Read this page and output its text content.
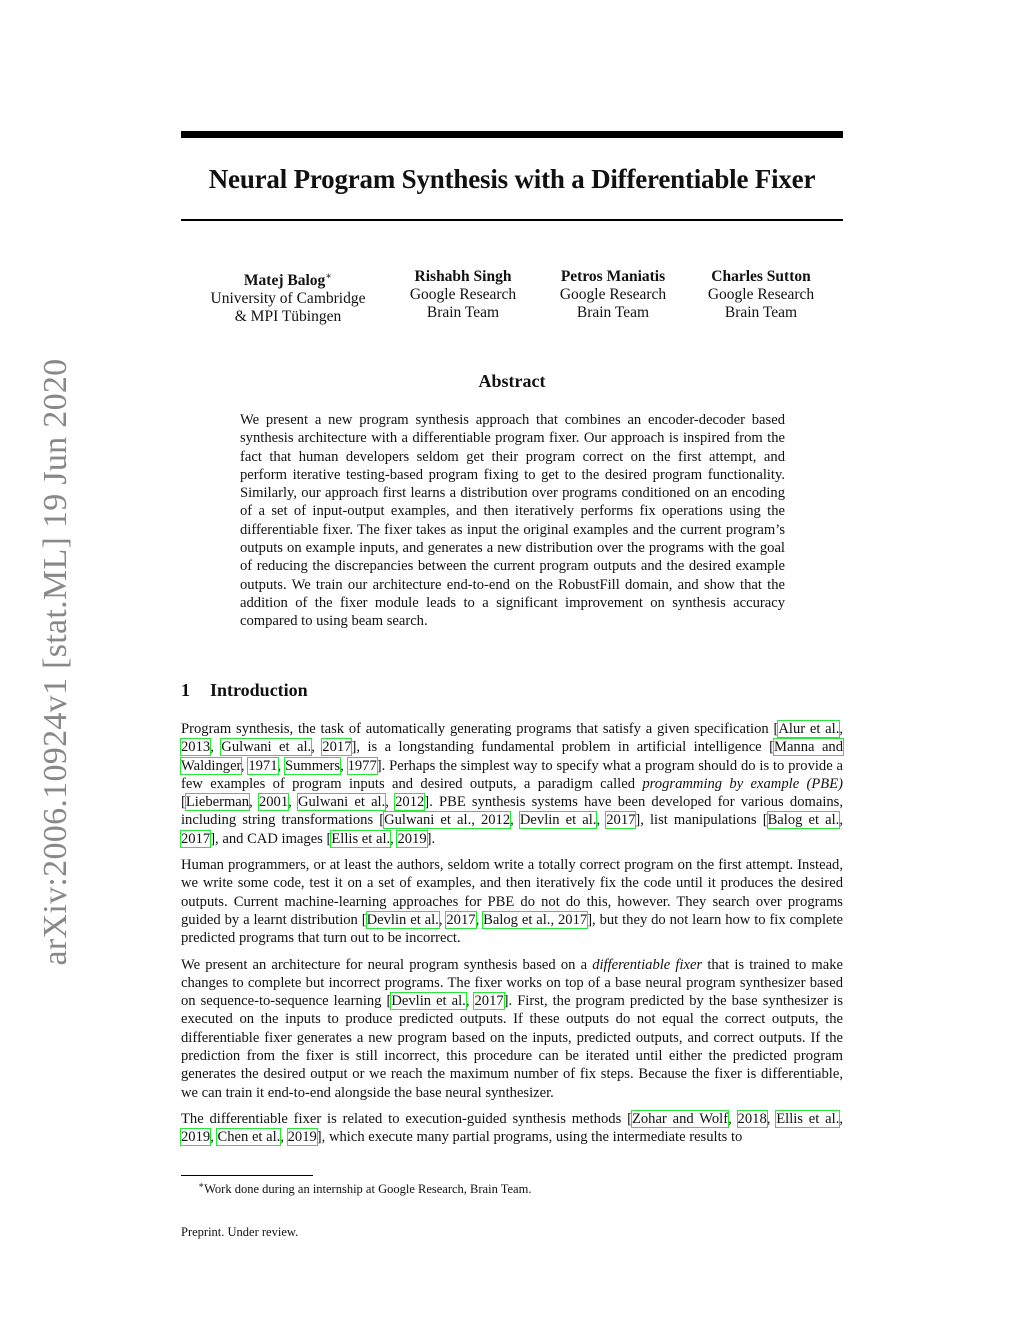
arXiv:2006.10924v1 [stat.ML] 19 Jun 2020
Neural Program Synthesis with a Differentiable Fixer
Matej Balog∗
University of Cambridge
& MPI Tübingen
Rishabh Singh
Google Research
Brain Team
Petros Maniatis
Google Research
Brain Team
Charles Sutton
Google Research
Brain Team
Abstract

We present a new program synthesis approach that combines an encoder-decoder based synthesis architecture with a differentiable program fixer. Our approach is inspired from the fact that human developers seldom get their program correct on the first attempt, and perform iterative testing-based program fixing to get to the desired program functionality. Similarly, our approach first learns a distribution over programs conditioned on an encoding of a set of input-output examples, and then iteratively performs fix operations using the differentiable fixer. The fixer takes as input the original examples and the current program’s outputs on example inputs, and generates a new distribution over the programs with the goal of reducing the discrepancies between the current program outputs and the desired example outputs. We train our architecture end-to-end on the RobustFill domain, and show that the addition of the fixer module leads to a significant improvement on synthesis accuracy compared to using beam search.

1 Introduction

Program synthesis, the task of automatically generating programs that satisfy a given specification [Alur et al., 2013, Gulwani et al., 2017], is a longstanding fundamental problem in artificial intelligence [Manna and Waldinger, 1971, Summers, 1977]. Perhaps the simplest way to specify what a program should do is to provide a few examples of program inputs and desired outputs, a paradigm called programming by example (PBE) [Lieberman, 2001, Gulwani et al., 2012]. PBE synthesis systems have been developed for various domains, including string transformations [Gulwani et al., 2012, Devlin et al., 2017], list manipulations [Balog et al., 2017], and CAD images [Ellis et al., 2019].

Human programmers, or at least the authors, seldom write a totally correct program on the first attempt. Instead, we write some code, test it on a set of examples, and then iteratively fix the code until it produces the desired outputs. Current machine-learning approaches for PBE do not do this, however. They search over programs guided by a learnt distribution [Devlin et al., 2017, Balog et al., 2017], but they do not learn how to fix complete predicted programs that turn out to be incorrect.

We present an architecture for neural program synthesis based on a differentiable fixer that is trained to make changes to complete but incorrect programs. The fixer works on top of a base neural program synthesizer based on sequence-to-sequence learning [Devlin et al., 2017]. First, the program predicted by the base synthesizer is executed on the inputs to produce predicted outputs. If these outputs do not equal the correct outputs, the differentiable fixer generates a new program based on the inputs, predicted outputs, and correct outputs. If the prediction from the fixer is still incorrect, this procedure can be iterated until either the predicted program generates the desired output or we reach the maximum number of fix steps. Because the fixer is differentiable, we can train it end-to-end alongside the base neural synthesizer.

The differentiable fixer is related to execution-guided synthesis methods [Zohar and Wolf, 2018, Ellis et al., 2019, Chen et al., 2019], which execute many partial programs, using the intermediate results to

∗Work done during an internship at Google Research, Brain Team.
Preprint. Under review.
